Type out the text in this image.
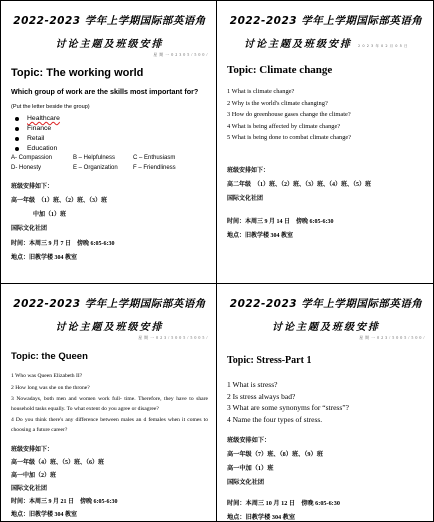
2022-2023 学年上学期国际部英语角
讨论主题及班级安排
星 期 一 0 2 3 0 5 / 5 0 0 /
Topic: The working world
Which group of work are the skills most important for?
(Put the letter beside the group)
Healthcare
Finance
Retail
Education
A- Compassion	B – Helpfulness	C – Enthusiasm
D- Honesty	E – Organization	F – Friendliness
班级安排如下：
高一年级　（1）班、（2）班、（3）班
中加（1）班
国际文化社团
时间：本周三 9 月 7 日　傍晚 6:05-6:30
地点：旧教学楼 304 教室
2022-2023 学年上学期国际部英语角
讨论主题及班级安排 2 0 2 3 年 0 2 月 0 5 日
Topic: Climate change
1 What is climate change?
2 Why is the world's climate changing?
3 How do greenhouse gases change the climate?
4 What is being affected by climate change?
5 What is being done to combat climate change?
班级安排如下：
高二年级　（1）班、（2）班、（3）班、（4）班、（5）班
国际文化社团
时间：本周三 9 月 14 日　傍晚 6:05-6:30
地点：旧教学楼 304 教室
2022-2023 学年上学期国际部英语角
讨论主题及班级安排
星 期 一 0 2 3 / 5 0 0 5 / 5 0 0 5 /
Topic: the Queen
1 Who was Queen Elizabeth II?
2 How long was she on the throne?
3 Nowadays, both men and women work full- time. Therefore, they have to share household tasks equally. To what extent do you agree or disagree?
4 Do you think there's any difference between males an d females when it comes to choosing a future career?
班级安排如下：
高一年级（4）班、（5）班、（6）班
高一中加（2）班
国际文化社团
时间：本周三 9 月 21 日　傍晚 6:05-6:30
地点：旧教学楼 304 教室
2022-2023 学年上学期国际部英语角
讨论主题及班级安排
星 期 一 0 2 3 / 5 0 0 5 / 5 0 0 /
Topic: Stress-Part 1
1 What is stress?
2 Is stress always bad?
3 What are some synonyms for “stress”?
4 Name the four types of stress.
班级安排如下：
高一年级（7）班、（8）班、（9）班
高一中加（1）班
国际文化社团
时间：本周三 10 月 12 日　傍晚 6:05-6:30
地点：旧教学楼 304 教室
